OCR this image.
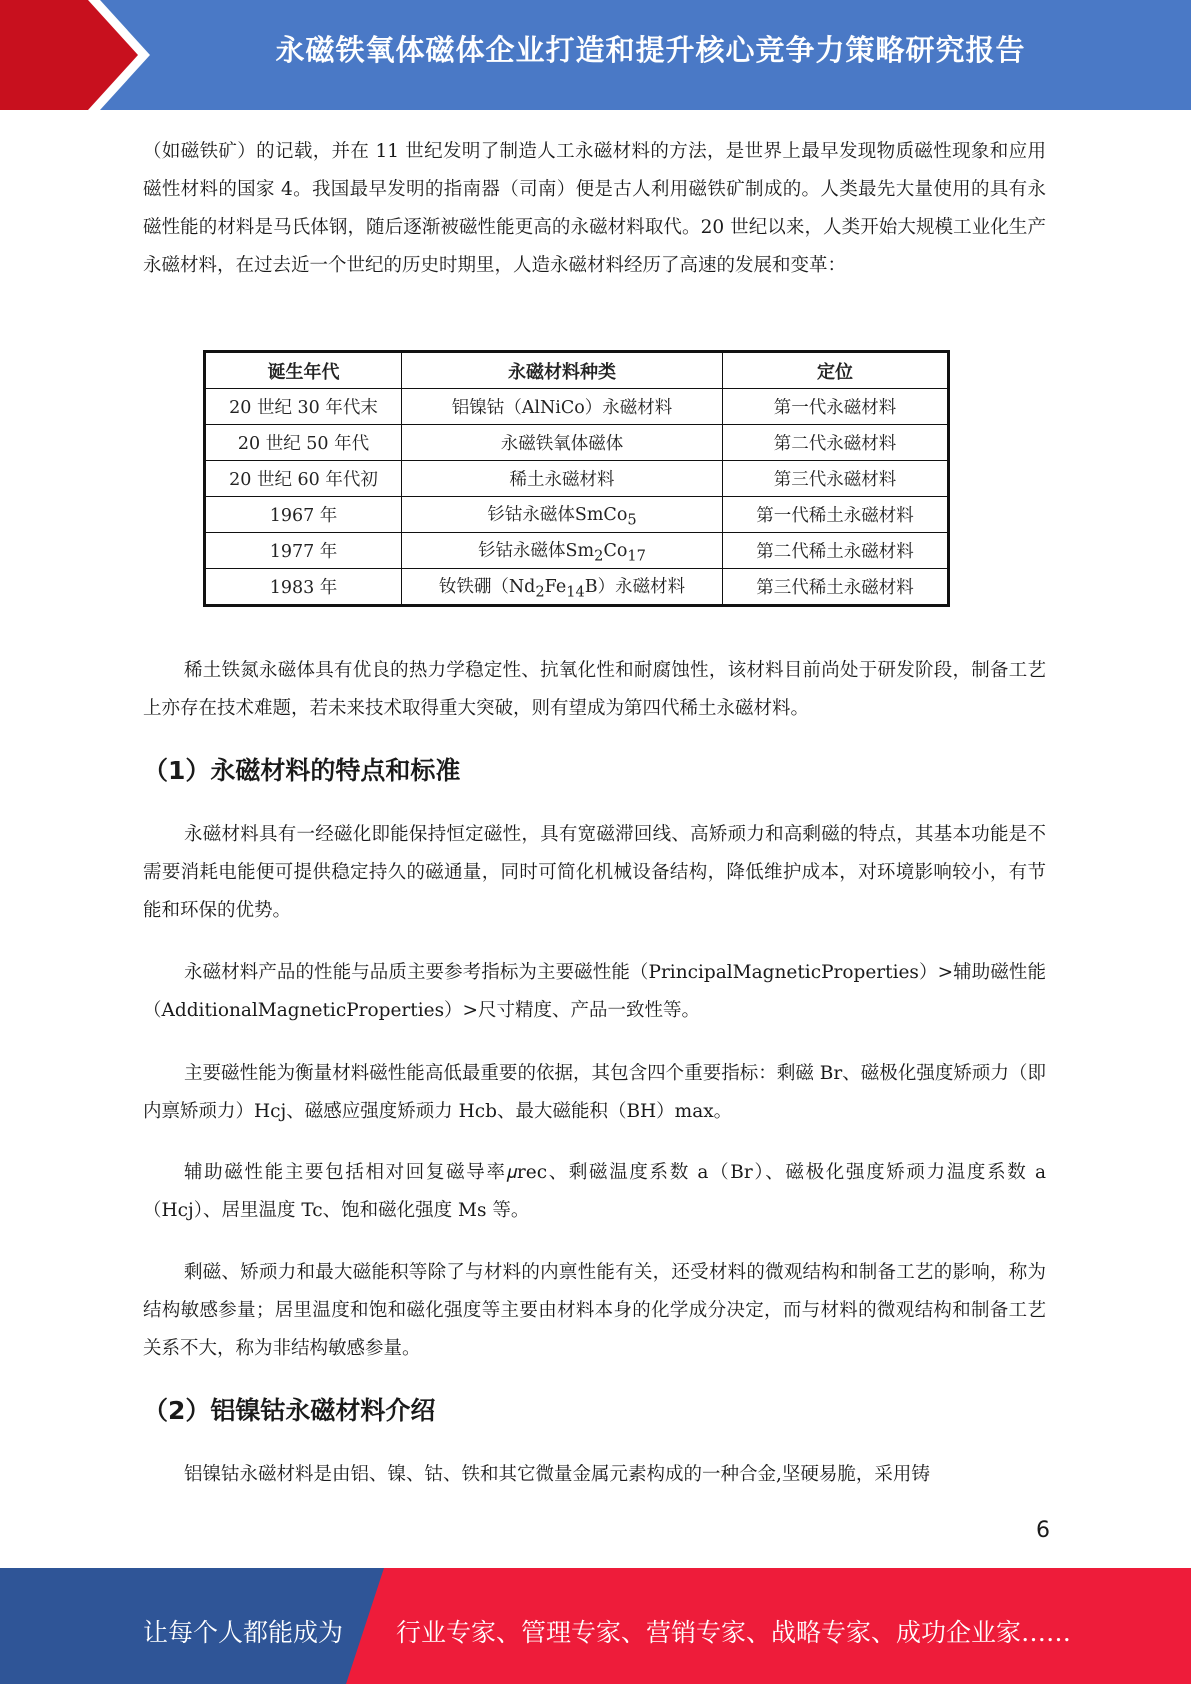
永磁铁氧体磁体企业打造和提升核心竞争力策略研究报告

（如磁铁矿）的记载，并在 11 世纪发明了制造人工永磁材料的方法，是世界上最早发现物质磁性现象和应用磁性材料的国家 4。我国最早发明的指南器（司南）便是古人利用磁铁矿制成的。人类最先大量使用的具有永磁性能的材料是马氏体钢，随后逐渐被磁性能更高的永磁材料取代。20 世纪以来，人类开始大规模工业化生产永磁材料，在过去近一个世纪的历史时期里，人造永磁材料经历了高速的发展和变革：

诞生年代	永磁材料种类	定位
20 世纪 30 年代末	铝镍钴（AlNiCo）永磁材料	第一代永磁材料
20 世纪 50 年代	永磁铁氧体磁体	第二代永磁材料
20 世纪 60 年代初	稀土永磁材料	第三代永磁材料
1967 年	钐钴永磁体SmCo$_5$	第一代稀土永磁材料
1977 年	钐钴永磁体$Sm_2Co_{17}$	第二代稀土永磁材料
1983 年	钕铁硼$(Nd_2Fe_{14}B)$永磁材料	第三代稀土永磁材料

稀土铁氮永磁体具有优良的热力学稳定性、抗氧化性和耐腐蚀性，该材料目前尚处于研发阶段，制备工艺上亦存在技术难题，若未来技术取得重大突破，则有望成为第四代稀土永磁材料。

（1）永磁材料的特点和标准

永磁材料具有一经磁化即能保持恒定磁性，具有宽磁滞回线、高矫顽力和高剩磁的特点，其基本功能是不需要消耗电能便可提供稳定持久的磁通量，同时可简化机械设备结构，降低维护成本，对环境影响较小，有节能和环保的优势。

永磁材料产品的性能与品质主要参考指标为主要磁性能（PrincipalMagneticProperties）>辅助磁性能（AdditionalMagneticProperties）>尺寸精度、产品一致性等。

主要磁性能为衡量材料磁性能高低最重要的依据，其包含四个重要指标：剩磁 Br、磁极化强度矫顽力（即内禀矫顽力）Hcj、磁感应强度矫顽力 Hcb、最大磁能积（BH）max。

辅助磁性能主要包括相对回复磁导率𝜇rec、剩磁温度系数 a（Br）、磁极化强度矫顽力温度系数 a（Hcj）、居里温度 Tc、饱和磁化强度 Ms 等。

剩磁、矫顽力和最大磁能积等除了与材料的内禀性能有关，还受材料的微观结构和制备工艺的影响，称为结构敏感参量；居里温度和饱和磁化强度等主要由材料本身的化学成分决定，而与材料的微观结构和制备工艺关系不大，称为非结构敏感参量。

（2）铝镍钴永磁材料介绍

铝镍钴永磁材料是由铝、镍、钴、铁和其它微量金属元素构成的一种合金,坚硬易脆，采用铸

6
让每个人都能成为 行业专家、管理专家、营销专家、战略专家、成功企业家……
